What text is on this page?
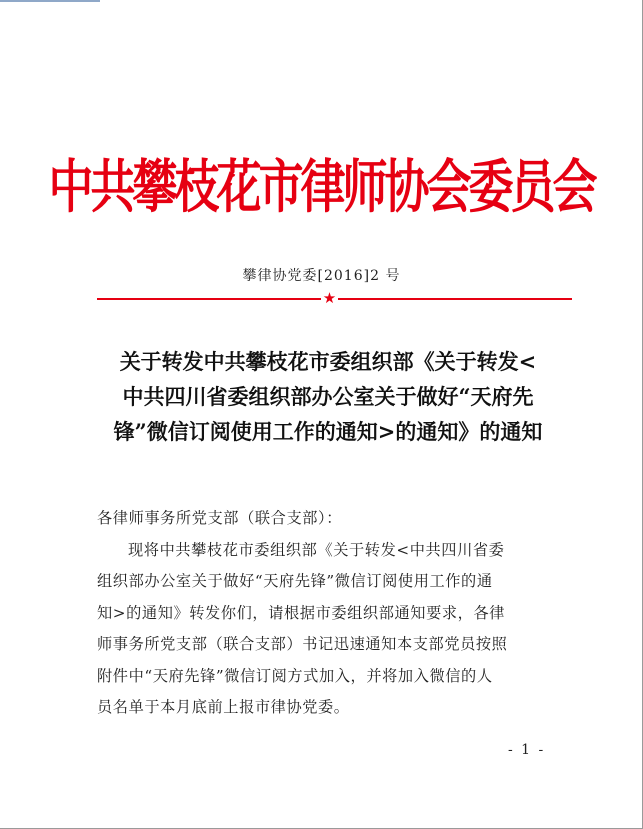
中共攀枝花市律师协会委员会
攀律协党委[2016]2 号
★
关于转发中共攀枝花市委组织部《关于转发<
中共四川省委组织部办公室关于做好“天府先
锋”微信订阅使用工作的通知>的通知》的通知
各律师事务所党支部（联合支部）：
现将中共攀枝花市委组织部《关于转发<中共四川省委
组织部办公室关于做好“天府先锋”微信订阅使用工作的通
知>的通知》转发你们，请根据市委组织部通知要求，各律
师事务所党支部（联合支部）书记迅速通知本支部党员按照
附件中“天府先锋”微信订阅方式加入，并将加入微信的人
员名单于本月底前上报市律协党委。
- 1 -
